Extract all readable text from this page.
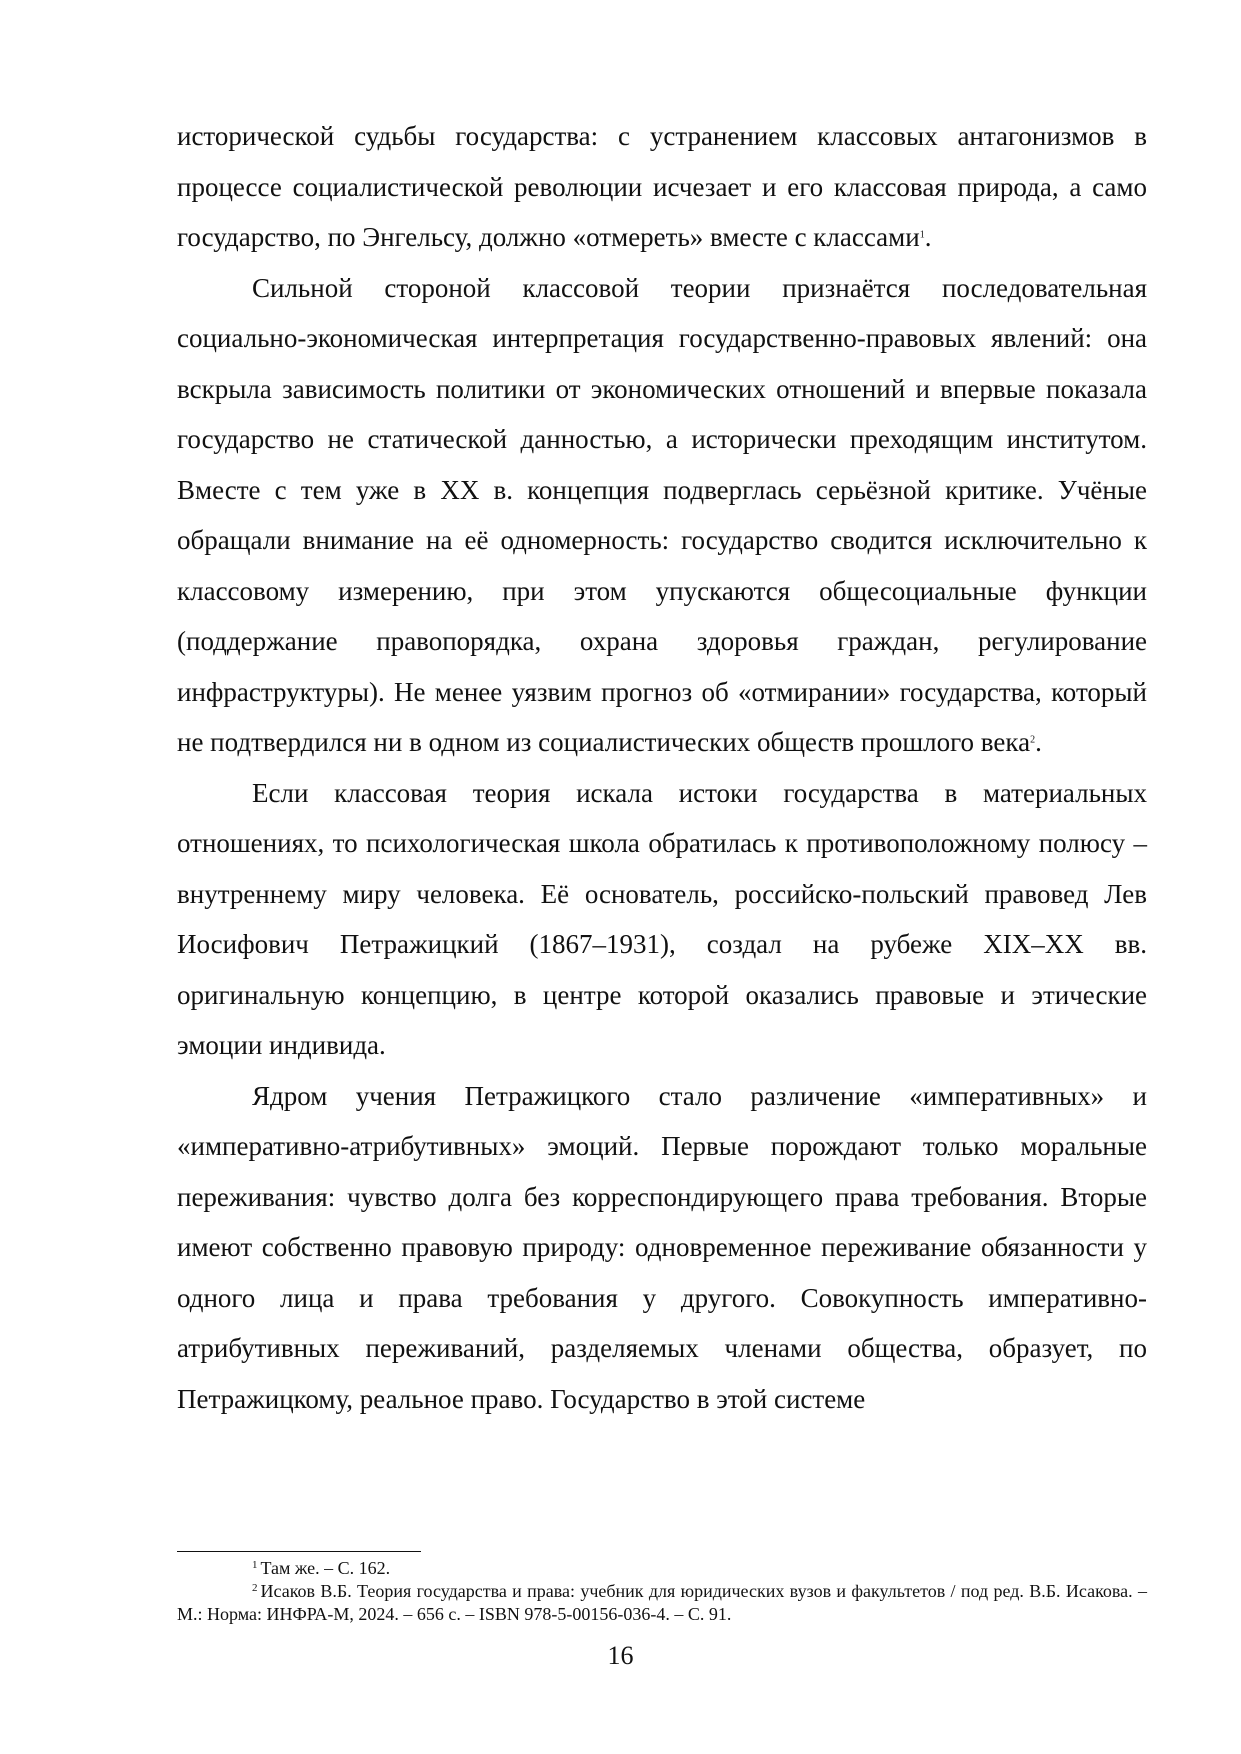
исторической судьбы государства: с устранением классовых антагонизмов в процессе социалистической революции исчезает и его классовая природа, а само государство, по Энгельсу, должно «отмереть» вместе с классами$^1$.

Сильной стороной классовой теории признаётся последовательная социально-экономическая интерпретация государственно-правовых явлений: она вскрыла зависимость политики от экономических отношений и впервые показала государство не статической данностью, а исторически преходящим институтом. Вместе с тем уже в XX в. концепция подверглась серьёзной критике. Учёные обращали внимание на её одномерность: государство сводится исключительно к классовому измерению, при этом упускаются общесоциальные функции (поддержание правопорядка, охрана здоровья граждан, регулирование инфраструктуры). Не менее уязвим прогноз об «отмирании» государства, который не подтвердился ни в одном из социалистических обществ прошлого века$^2$.

Если классовая теория искала истоки государства в материальных отношениях, то психологическая школа обратилась к противоположному полюсу – внутреннему миру человека. Её основатель, российско-польский правовед Лев Иосифович Петражицкий (1867–1931), создал на рубеже XIX–XX вв. оригинальную концепцию, в центре которой оказались правовые и этические эмоции индивида.

Ядром учения Петражицкого стало различение «императивных» и «императивно-атрибутивных» эмоций. Первые порождают только моральные переживания: чувство долга без корреспондирующего права требования. Вторые имеют собственно правовую природу: одновременное переживание обязанности у одного лица и права требования у другого. Совокупность императивно-атрибутивных переживаний, разделяемых членами общества, образует, по Петражицкому, реальное право. Государство в этой системе

$^1$ Там же. – С. 162.

$^2$ Исаков В.Б. Теория государства и права: учебник для юридических вузов и факультетов / под ред. В.Б. Исакова. – М.: Норма: ИНФРА-М, 2024. – 656 с. – ISBN 978-5-00156-036-4. – С. 91.

16
